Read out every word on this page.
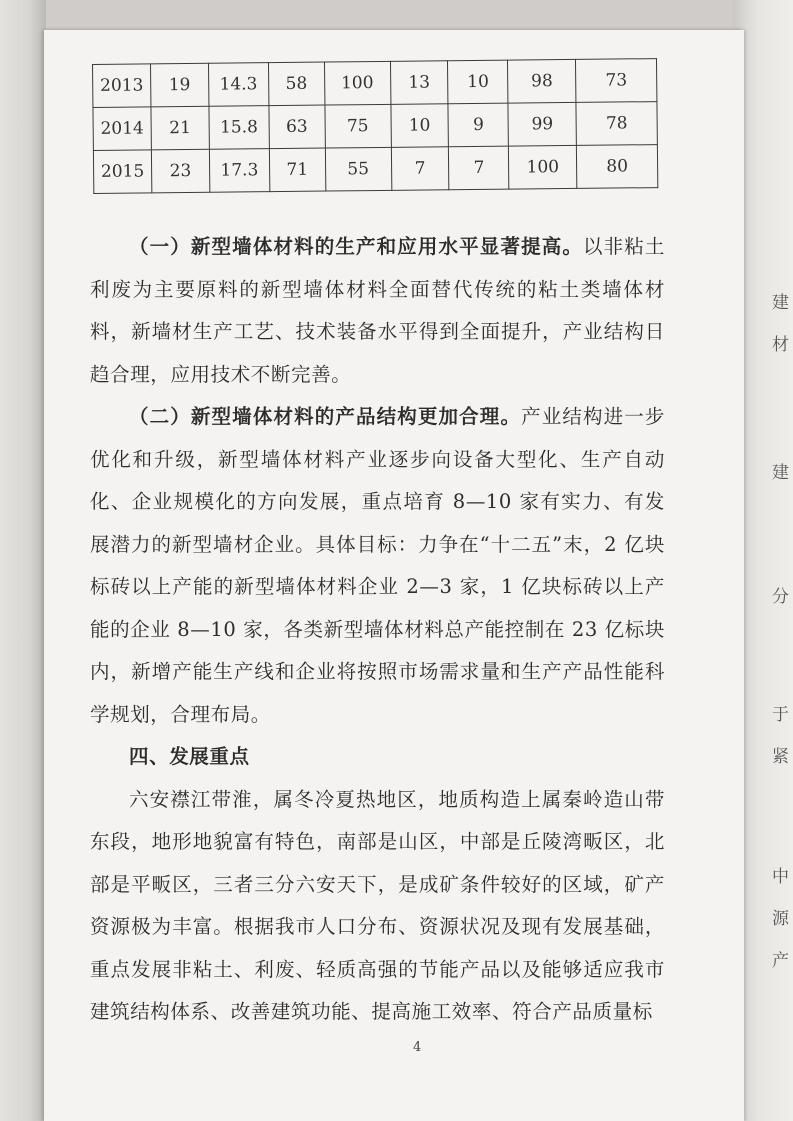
2013	19	14.3	58	100	13	10	98	73
2014	21	15.8	63	75	10	9	99	78
2015	23	17.3	71	55	7	7	100	80

（一）新型墙体材料的生产和应用水平显著提高。以非粘土利废为主要原料的新型墙体材料全面替代传统的粘土类墙体材料，新墙材生产工艺、技术装备水平得到全面提升，产业结构日趋合理，应用技术不断完善。

（二）新型墙体材料的产品结构更加合理。产业结构进一步优化和升级，新型墙体材料产业逐步向设备大型化、生产自动化、企业规模化的方向发展，重点培育 8—10 家有实力、有发展潜力的新型墙材企业。具体目标：力争在“十二五”末，2 亿块标砖以上产能的新型墙体材料企业 2—3 家，1 亿块标砖以上产能的企业 8—10 家，各类新型墙体材料总产能控制在 23 亿标块内，新增产能生产线和企业将按照市场需求量和生产产品性能科学规划，合理布局。

四、发展重点

六安襟江带淮，属冬冷夏热地区，地质构造上属秦岭造山带东段，地形地貌富有特色，南部是山区，中部是丘陵湾畈区，北部是平畈区，三者三分六安天下，是成矿条件较好的区域，矿产资源极为丰富。根据我市人口分布、资源状况及现有发展基础，重点发展非粘土、利废、轻质高强的节能产品以及能够适应我市建筑结构体系、改善建筑功能、提高施工效率、符合产品质量标

4
建
材
建
分
于
紧
中
源
产
